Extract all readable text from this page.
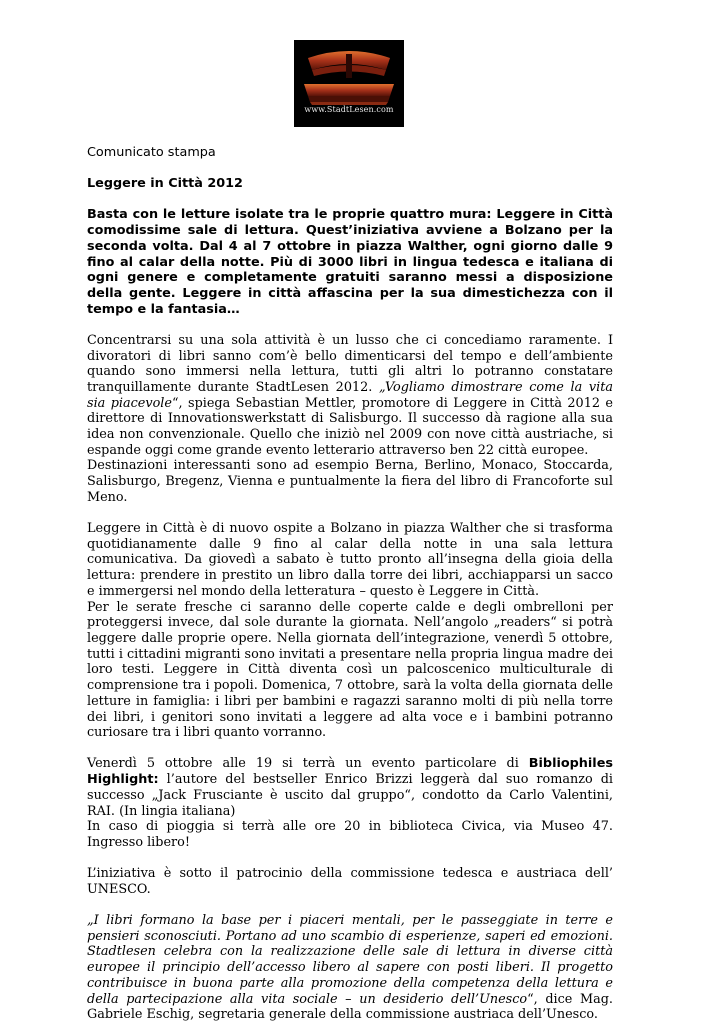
www.StadtLesen.com

Comunicato stampa

Leggere in Città 2012

Basta con le letture isolate tra le proprie quattro mura: Leggere in Città comodissime sale di lettura. Quest’iniziativa avviene a Bolzano per la seconda volta. Dal 4 al 7 ottobre in piazza Walther, ogni giorno dalle 9 fino al calar della notte. Più di 3000 libri in lingua tedesca e italiana di ogni genere e completamente gratuiti saranno messi a disposizione della gente. Leggere in città affascina per la sua dimestichezza con il tempo e la fantasia…

Concentrarsi su una sola attività è un lusso che ci concediamo raramente. I divoratori di libri sanno com’è bello dimenticarsi del tempo e dell’ambiente quando sono immersi nella lettura, tutti gli altri lo potranno constatare tranquillamente durante StadtLesen 2012. „Vogliamo dimostrare come la vita sia piacevole“, spiega Sebastian Mettler, promotore di Leggere in Città 2012 e direttore di Innovationswerkstatt di Salisburgo. Il successo dà ragione alla sua idea non convenzionale. Quello che iniziò nel 2009 con nove città austriache, si espande oggi come grande evento letterario attraverso ben 22 città europee.

Destinazioni interessanti sono ad esempio Berna, Berlino, Monaco, Stoccarda, Salisburgo, Bregenz, Vienna e puntualmente la fiera del libro di Francoforte sul Meno.

Leggere in Città è di nuovo ospite a Bolzano in piazza Walther che si trasforma quotidianamente dalle 9 fino al calar della notte in una sala lettura comunicativa. Da giovedì a sabato è tutto pronto all’insegna della gioia della lettura: prendere in prestito un libro dalla torre dei libri, acchiapparsi un sacco e immergersi nel mondo della letteratura – questo è Leggere in Città.

Per le serate fresche ci saranno delle coperte calde e degli ombrelloni per proteggersi invece, dal sole durante la giornata. Nell’angolo „readers“ si potrà leggere dalle proprie opere. Nella giornata dell’integrazione, venerdì 5 ottobre, tutti i cittadini migranti sono invitati a presentare nella propria lingua madre dei loro testi. Leggere in Città diventa così un palcoscenico multiculturale di comprensione tra i popoli. Domenica, 7 ottobre, sarà la volta della giornata delle letture in famiglia: i libri per bambini e ragazzi saranno molti di più nella torre dei libri, i genitori sono invitati a leggere ad alta voce e i bambini potranno curiosare tra i libri quanto vorranno.

Venerdì 5 ottobre alle 19 si terrà un evento particolare di Bibliophiles Highlight: l’autore del bestseller Enrico Brizzi leggerà dal suo romanzo di successo „Jack Frusciante è uscito dal gruppo“, condotto da Carlo Valentini, RAI. (In lingia italiana)

In caso di pioggia si terrà alle ore 20 in biblioteca Civica, via Museo 47. Ingresso libero!

L’iniziativa è sotto il patrocinio della commissione tedesca e austriaca dell’ UNESCO.

„I libri formano la base per i piaceri mentali, per le passeggiate in terre e pensieri sconosciuti. Portano ad uno scambio di esperienze, saperi ed emozioni. Stadtlesen celebra con la realizzazione delle sale di lettura in diverse città europee il principio dell’accesso libero al sapere con posti liberi. Il progetto contribuisce in buona parte alla promozione della competenza della lettura e della partecipazione alla vita sociale – un desiderio dell’Unesco“, dice Mag. Gabriele Eschig, segretaria generale della commissione austriaca dell’Unesco.
